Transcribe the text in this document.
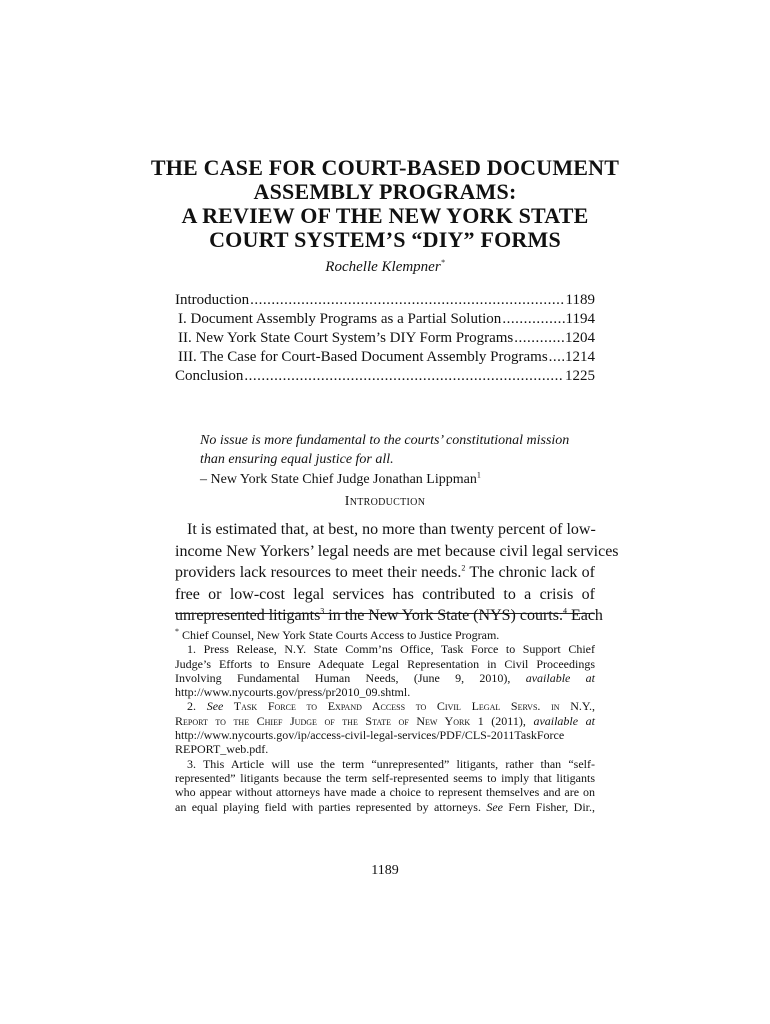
THE CASE FOR COURT-BASED DOCUMENT
ASSEMBLY PROGRAMS:
A REVIEW OF THE NEW YORK STATE
COURT SYSTEM’S “DIY” FORMS
Rochelle Klempner*
Introduction .....	1189
I. Document Assembly Programs as a Partial Solution .....	1194
II. New York State Court System’s DIY Form Programs .....	1204
III. The Case for Court-Based Document Assembly Programs ..... 1214
Conclusion .....	1225
No issue is more fundamental to the courts’ constitutional mission
than ensuring equal justice for all.
– New York State Chief Judge Jonathan Lippman$^1$
Introduction
It is estimated that, at best, no more than twenty percent of low-
income New Yorkers’ legal needs are met because civil legal services
providers lack resources to meet their needs.$^2$ The chronic lack of
free or low-cost legal services has contributed to a crisis of
unrepresented litigants$^3$ in the New York State (NYS) courts.$^4$ Each
* Chief Counsel, New York State Courts Access to Justice Program.
1. Press Release, N.Y. State Comm’ns Office, Task Force to Support Chief
Judge’s Efforts to Ensure Adequate Legal Representation in Civil Proceedings
Involving Fundamental Human Needs, (June 9, 2010), available at
http://www.nycourts.gov/press/pr2010_09.shtml.
2. See Task Force to Expand Access to Civil Legal Servs. in N.Y.,
Report to the Chief Judge of the State of New York 1 (2011), available at
http://www.nycourts.gov/ip/access-civil-legal-services/PDF/CLS-2011TaskForce
REPORT_web.pdf.
3. This Article will use the term “unrepresented” litigants, rather than “self-
represented” litigants because the term self-represented seems to imply that litigants
who appear without attorneys have made a choice to represent themselves and are on
an equal playing field with parties represented by attorneys. See Fern Fisher, Dir.,
1189
